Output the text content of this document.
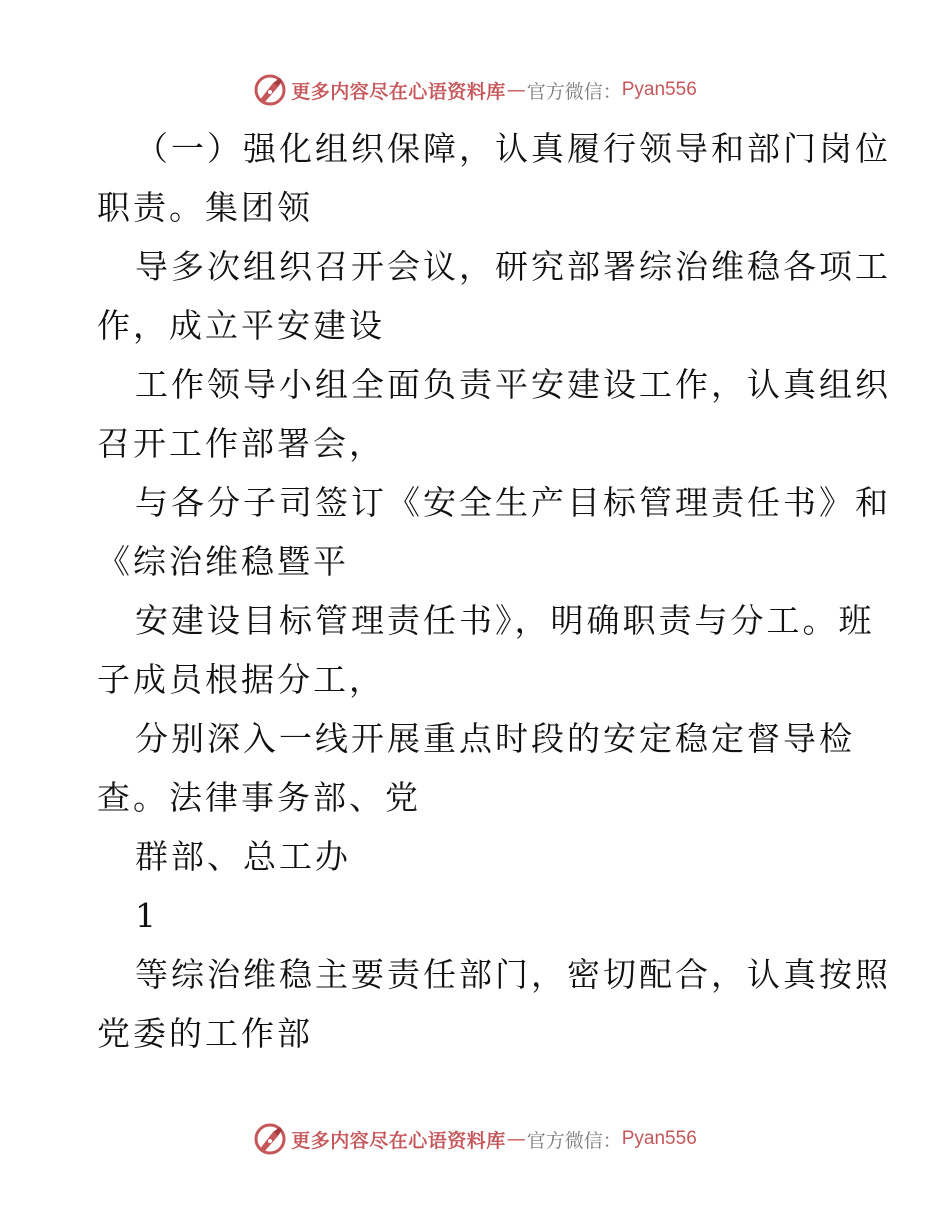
更多内容尽在心语资料库 — 官方微信： Pyan556
（一）强化组织保障，认真履行领导和部门岗位
职责。集团领
导多次组织召开会议，研究部署综治维稳各项工
作，成立平安建设
工作领导小组全面负责平安建设工作，认真组织
召开工作部署会，
与各分子司签订《安全生产目标管理责任书》和
《综治维稳暨平
安建设目标管理责任书》，明确职责与分工。班
子成员根据分工，
分别深入一线开展重点时段的安定稳定督导检
查。法律事务部、党
群部、总工办
1
等综治维稳主要责任部门，密切配合，认真按照
党委的工作部
更多内容尽在心语资料库 — 官方微信： Pyan556
